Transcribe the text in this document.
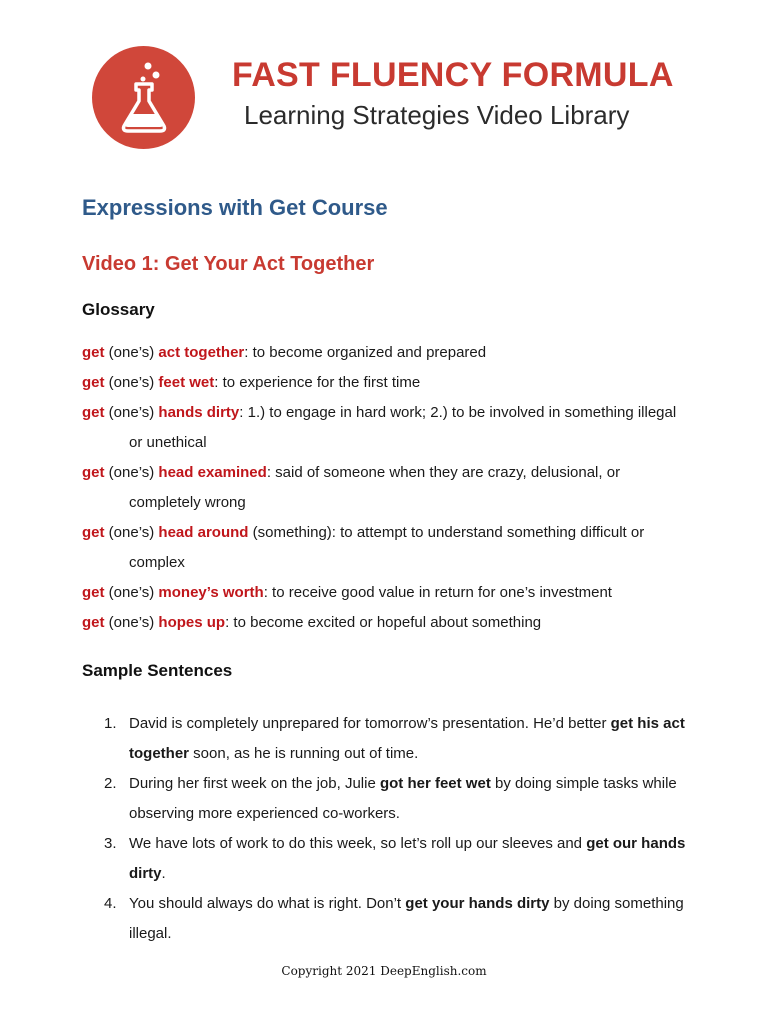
FAST FLUENCY FORMULA
Learning Strategies Video Library
Expressions with Get Course
Video 1: Get Your Act Together
Glossary
get (one’s) act together: to become organized and prepared
get (one’s) feet wet: to experience for the first time
get (one’s) hands dirty: 1.) to engage in hard work; 2.) to be involved in something illegal or unethical
get (one’s) head examined: said of someone when they are crazy, delusional, or completely wrong
get (one’s) head around (something): to attempt to understand something difficult or complex
get (one’s) money’s worth: to receive good value in return for one’s investment
get (one’s) hopes up: to become excited or hopeful about something
Sample Sentences
1. David is completely unprepared for tomorrow’s presentation. He’d better get his act together soon, as he is running out of time.
2. During her first week on the job, Julie got her feet wet by doing simple tasks while observing more experienced co-workers.
3. We have lots of work to do this week, so let’s roll up our sleeves and get our hands dirty.
4. You should always do what is right. Don’t get your hands dirty by doing something illegal.
Copyright 2021 DeepEnglish.com
